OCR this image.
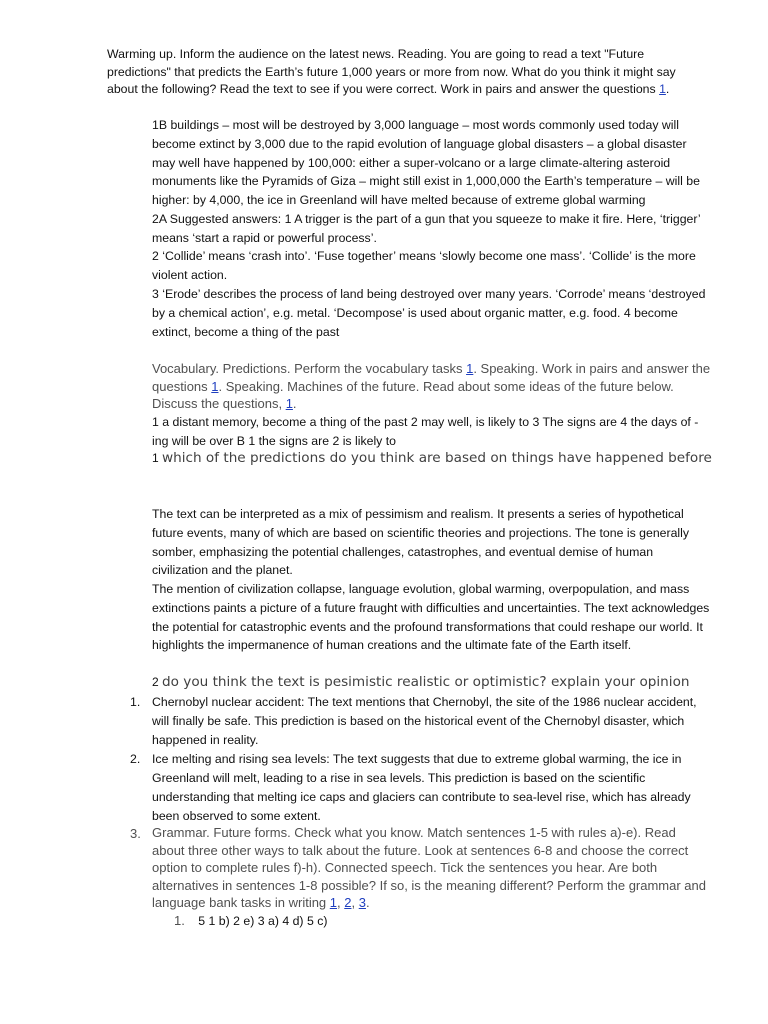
Warming up. Inform the audience on the latest news. Reading. You are going to read a text "Future predictions" that predicts the Earth’s future 1,000 years or more from now. What do you think it might say about the following? Read the text to see if you were correct. Work in pairs and answer the questions 1.

1B buildings – most will be destroyed by 3,000 language – most words commonly used today will become extinct by 3,000 due to the rapid evolution of language global disasters – a global disaster may well have happened by 100,000: either a super-volcano or a large climate-altering asteroid monuments like the Pyramids of Giza – might still exist in 1,000,000 the Earth’s temperature – will be higher: by 4,000, the ice in Greenland will have melted because of extreme global warming

2A Suggested answers: 1 A trigger is the part of a gun that you squeeze to make it fire. Here, ‘trigger’ means ‘start a rapid or powerful process’.

2 ‘Collide’ means ‘crash into’. ‘Fuse together’ means ‘slowly become one mass’. ‘Collide’ is the more violent action.

3 ‘Erode’ describes the process of land being destroyed over many years. ‘Corrode’ means ‘destroyed by a chemical action’, e.g. metal. ‘Decompose’ is used about organic matter, e.g. food. 4 become extinct, become a thing of the past

Vocabulary. Predictions. Perform the vocabulary tasks 1. Speaking. Work in pairs and answer the questions 1. Speaking. Machines of the future. Read about some ideas of the future below. Discuss the questions, 1.

1 a distant memory, become a thing of the past 2 may well, is likely to 3 The signs are 4 the days of -ing will be over B 1 the signs are 2 is likely to

1 which of the predictions do you think are based on things have happened before

The text can be interpreted as a mix of pessimism and realism. It presents a series of hypothetical future events, many of which are based on scientific theories and projections. The tone is generally somber, emphasizing the potential challenges, catastrophes, and eventual demise of human civilization and the planet.

The mention of civilization collapse, language evolution, global warming, overpopulation, and mass extinctions paints a picture of a future fraught with difficulties and uncertainties. The text acknowledges the potential for catastrophic events and the profound transformations that could reshape our world. It highlights the impermanence of human creations and the ultimate fate of the Earth itself.

2 do you think the text is pesimistic realistic or optimistic? explain your opinion

1. Chernobyl nuclear accident: The text mentions that Chernobyl, the site of the 1986 nuclear accident, will finally be safe. This prediction is based on the historical event of the Chernobyl disaster, which happened in reality.
2. Ice melting and rising sea levels: The text suggests that due to extreme global warming, the ice in Greenland will melt, leading to a rise in sea levels. This prediction is based on the scientific understanding that melting ice caps and glaciers can contribute to sea-level rise, which has already been observed to some extent.
3. Grammar. Future forms. Check what you know. Match sentences 1-5 with rules a)-e). Read about three other ways to talk about the future. Look at sentences 6-8 and choose the correct option to complete rules f)-h). Connected speech. Tick the sentences you hear. Are both alternatives in sentences 1-8 possible? If so, is the meaning different? Perform the grammar and language bank tasks in writing 1, 2, 3.
1. 5 1 b) 2 e) 3 a) 4 d) 5 c)
